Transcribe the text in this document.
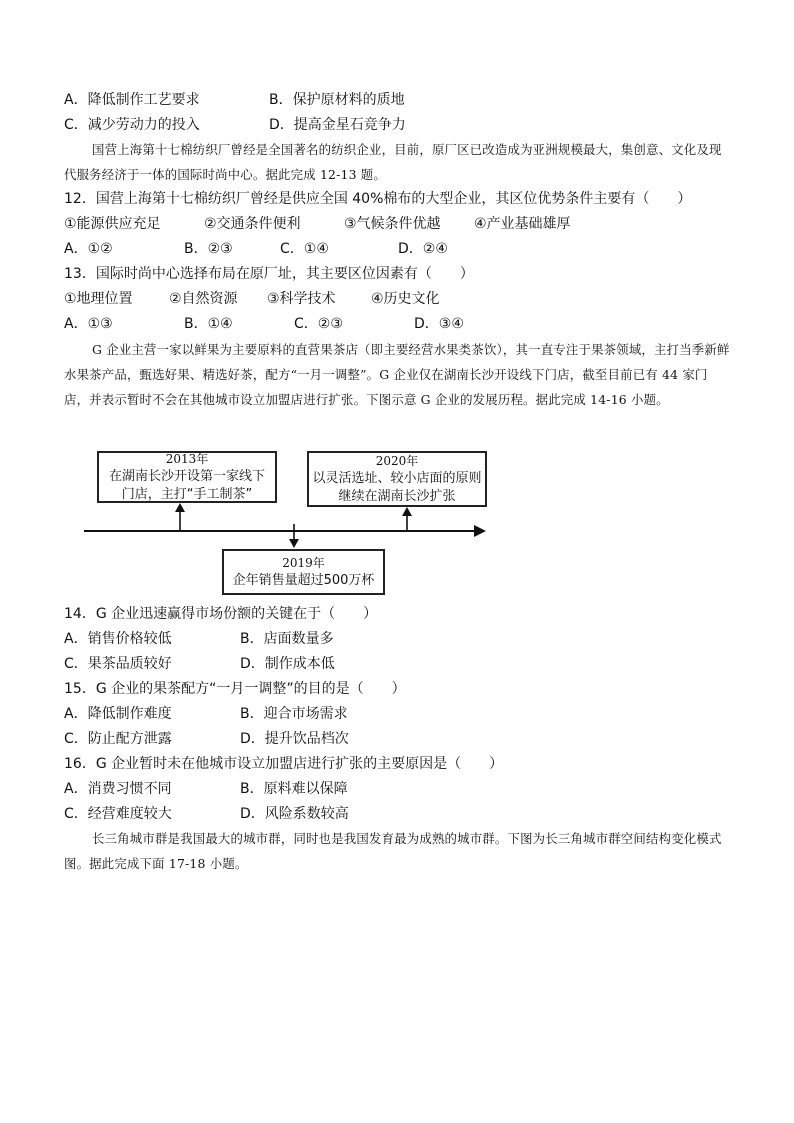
A．降低制作工艺要求	B．保护原材料的质地
C．减少劳动力的投入	D．提高金星石竞争力
国营上海第十七棉纺织厂曾经是全国著名的纺织企业，目前，原厂区已改造成为亚洲规模最大，集创意、文化及现代服务经济于一体的国际时尚中心。据此完成 12-13 题。
12．国营上海第十七棉纺织厂曾经是供应全国 40%棉布的大型企业，其区位优势条件主要有（　　）
①能源供应充足	②交通条件便利	③气候条件优越 ④产业基础雄厚
A．①②	B．②③	C．①④	D．②④
13．国际时尚中心选择布局在原厂址，其主要区位因素有（　　）
①地理位置	②自然资源 ③科学技术	④历史文化
A．①③	B．①④	C．②③	D．③④
G 企业主营一家以鲜果为主要原料的直营果茶店（即主要经营水果类茶饮），其一直专注于果茶领域，主打当季新鲜水果茶产品，甄选好果、精选好茶，配方“一月一调整”。G 企业仅在湖南长沙开设线下门店，截至目前已有 44 家门店，并表示暂时不会在其他城市设立加盟店进行扩张。下图示意 G 企业的发展历程。据此完成 14-16 小题。
2013年
在湖南长沙开设第一家线下
门店，主打“手工制茶”
2020年
以灵活选址、较小店面的原则
继续在湖南长沙扩张
2019年
企年销售量超过500万杯
14．G 企业迅速赢得市场份额的关键在于（　　）
A．销售价格较低	B．店面数量多
C．果茶品质较好	D．制作成本低
15．G 企业的果茶配方“一月一调整”的目的是（　　）
A．降低制作难度	B．迎合市场需求
C．防止配方泄露	D．提升饮品档次
16．G 企业暂时未在他城市设立加盟店进行扩张的主要原因是（　　）
A．消费习惯不同	B．原料难以保障
C．经营难度较大	D．风险系数较高
长三角城市群是我国最大的城市群，同时也是我国发育最为成熟的城市群。下图为长三角城市群空间结构变化模式图。据此完成下面 17-18 小题。
